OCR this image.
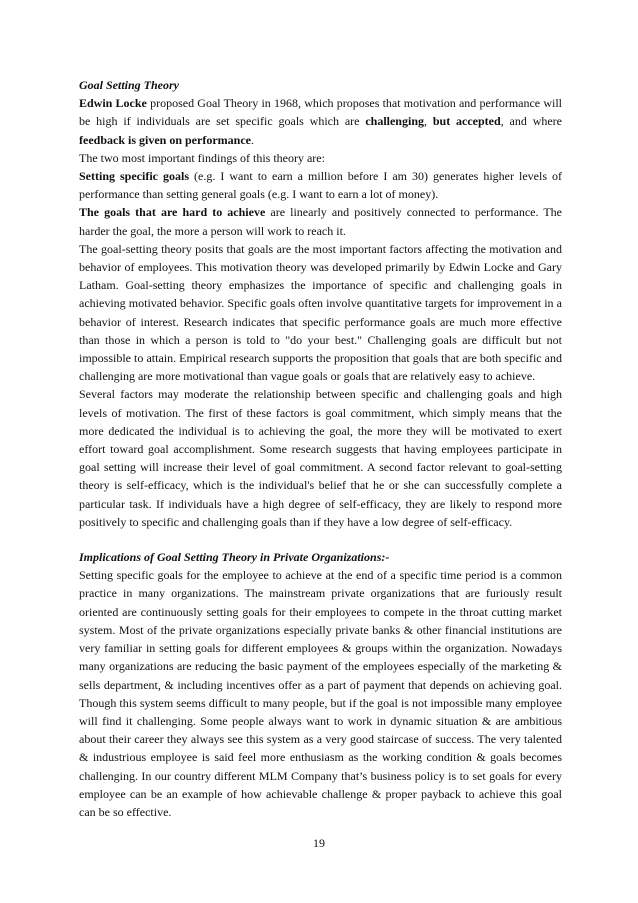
Goal Setting Theory

Edwin Locke proposed Goal Theory in 1968, which proposes that motivation and performance will be high if individuals are set specific goals which are challenging, but accepted, and where feedback is given on performance.

The two most important findings of this theory are:

Setting specific goals (e.g. I want to earn a million before I am 30) generates higher levels of performance than setting general goals (e.g. I want to earn a lot of money).

The goals that are hard to achieve are linearly and positively connected to performance. The harder the goal, the more a person will work to reach it.

The goal-setting theory posits that goals are the most important factors affecting the motivation and behavior of employees. This motivation theory was developed primarily by Edwin Locke and Gary Latham. Goal-setting theory emphasizes the importance of specific and challenging goals in achieving motivated behavior. Specific goals often involve quantitative targets for improvement in a behavior of interest. Research indicates that specific performance goals are much more effective than those in which a person is told to "do your best." Challenging goals are difficult but not impossible to attain. Empirical research supports the proposition that goals that are both specific and challenging are more motivational than vague goals or goals that are relatively easy to achieve.

Several factors may moderate the relationship between specific and challenging goals and high levels of motivation. The first of these factors is goal commitment, which simply means that the more dedicated the individual is to achieving the goal, the more they will be motivated to exert effort toward goal accomplishment. Some research suggests that having employees participate in goal setting will increase their level of goal commitment. A second factor relevant to goal-setting theory is self-efficacy, which is the individual's belief that he or she can successfully complete a particular task. If individuals have a high degree of self-efficacy, they are likely to respond more positively to specific and challenging goals than if they have a low degree of self-efficacy.

Implications of Goal Setting Theory in Private Organizations:-

Setting specific goals for the employee to achieve at the end of a specific time period is a common practice in many organizations. The mainstream private organizations that are furiously result oriented are continuously setting goals for their employees to compete in the throat cutting market system. Most of the private organizations especially private banks & other financial institutions are very familiar in setting goals for different employees & groups within the organization. Nowadays many organizations are reducing the basic payment of the employees especially of the marketing & sells department, & including incentives offer as a part of payment that depends on achieving goal. Though this system seems difficult to many people, but if the goal is not impossible many employee will find it challenging. Some people always want to work in dynamic situation & are ambitious about their career they always see this system as a very good staircase of success. The very talented & industrious employee is said feel more enthusiasm as the working condition & goals becomes challenging. In our country different MLM Company that’s business policy is to set goals for every employee can be an example of how achievable challenge & proper payback to achieve this goal can be so effective.

19
